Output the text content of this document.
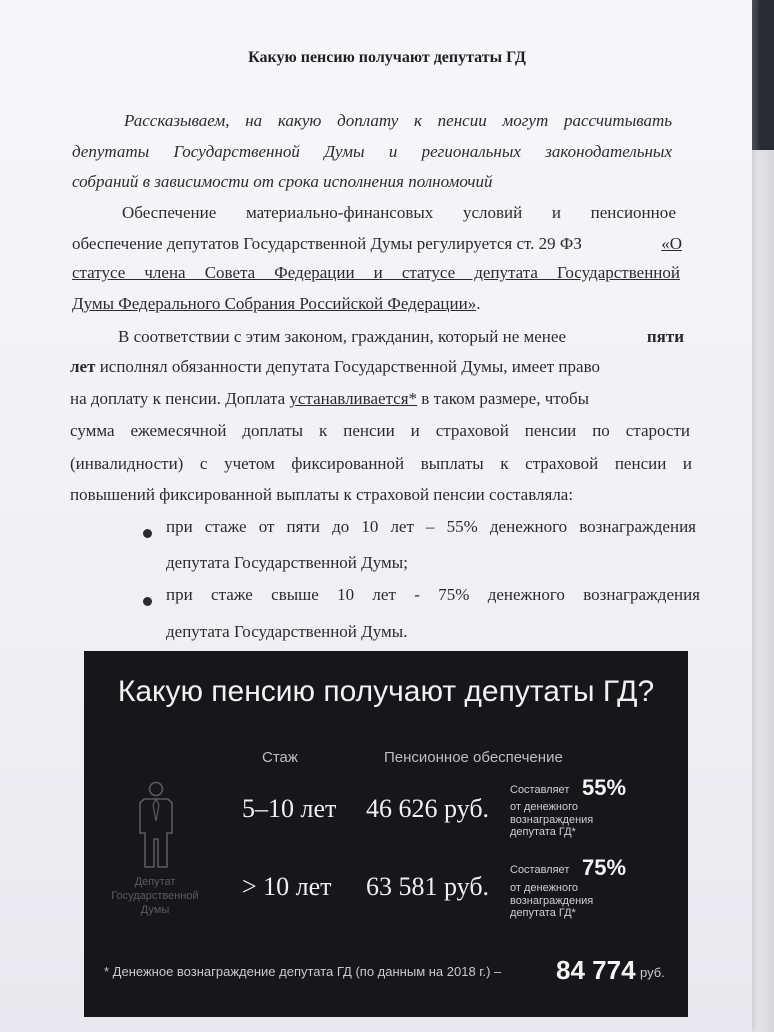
Какую пенсию получают депутаты ГД
Рассказываем, на какую доплату к пенсии могут рассчитывать
депутаты Государственной Думы и региональных законодательных
собраний в зависимости от срока исполнения полномочий
Обеспечение материально-финансовых условий и пенсионное
обеспечение депутатов Государственной Думы регулируется ст. 29 ФЗ	«О
статусе члена Совета Федерации и статусе депутата Государственной
Думы Федерального Собрания Российской Федерации».
В соответствии с этим законом, гражданин, который не менее	пяти
лет исполнял обязанности депутата Государственной Думы, имеет право
на доплату к пенсии. Доплата устанавливается* в таком размере, чтобы
сумма ежемесячной доплаты к пенсии и страховой пенсии по старости
(инвалидности) с учетом фиксированной выплаты к страховой пенсии и
повышений фиксированной выплаты к страховой пенсии составляла:
при стаже от пяти до 10 лет – 55% денежного вознаграждения
депутата Государственной Думы;
при стаже свыше 10 лет - 75% денежного вознаграждения
депутата Государственной Думы.
Какую пенсию получают депутаты ГД?
Стаж	Пенсионное обеспечение
Депутат
Государственной
Думы
5–10 лет 46 626 руб.
Составляет 55%
от денежного
вознаграждения
депутата ГД*
> 10 лет 63 581 руб.
Составляет 75%
от денежного
вознаграждения
депутата ГД*
* Денежное вознаграждение депутата ГД (по данным на 2018 г.) – 84 774 руб.
